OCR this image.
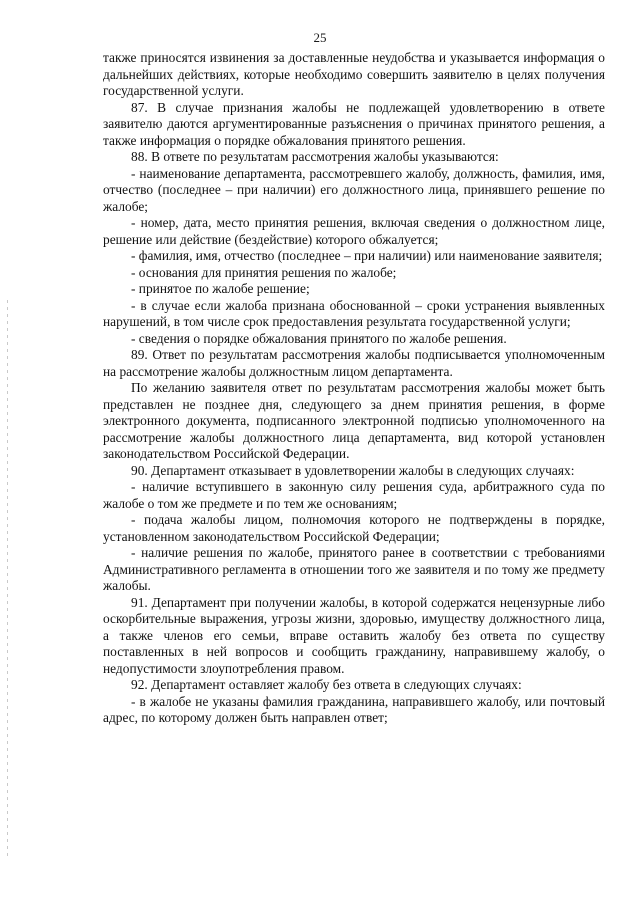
25

также приносятся извинения за доставленные неудобства и указывается информация о дальнейших действиях, которые необходимо совершить заявителю в целях получения государственной услуги.

87. В случае признания жалобы не подлежащей удовлетворению в ответе заявителю даются аргументированные разъяснения о причинах принятого решения, а также информация о порядке обжалования принятого решения.

88. В ответе по результатам рассмотрения жалобы указываются:

- наименование департамента, рассмотревшего жалобу, должность, фамилия, имя, отчество (последнее – при наличии) его должностного лица, принявшего решение по жалобе;

- номер, дата, место принятия решения, включая сведения о должностном лице, решение или действие (бездействие) которого обжалуется;

- фамилия, имя, отчество (последнее – при наличии) или наименование заявителя;

- основания для принятия решения по жалобе;

- принятое по жалобе решение;

- в случае если жалоба признана обоснованной – сроки устранения выявленных нарушений, в том числе срок предоставления результата государственной услуги;

- сведения о порядке обжалования принятого по жалобе решения.

89. Ответ по результатам рассмотрения жалобы подписывается уполномоченным на рассмотрение жалобы должностным лицом департамента.

По желанию заявителя ответ по результатам рассмотрения жалобы может быть представлен не позднее дня, следующего за днем принятия решения, в форме электронного документа, подписанного электронной подписью уполномоченного на рассмотрение жалобы должностного лица департамента, вид которой установлен законодательством Российской Федерации.

90. Департамент отказывает в удовлетворении жалобы в следующих случаях:

- наличие вступившего в законную силу решения суда, арбитражного суда по жалобе о том же предмете и по тем же основаниям;

- подача жалобы лицом, полномочия которого не подтверждены в порядке, установленном законодательством Российской Федерации;

- наличие решения по жалобе, принятого ранее в соответствии с требованиями Административного регламента в отношении того же заявителя и по тому же предмету жалобы.

91. Департамент при получении жалобы, в которой содержатся нецензурные либо оскорбительные выражения, угрозы жизни, здоровью, имуществу должностного лица, а также членов его семьи, вправе оставить жалобу без ответа по существу поставленных в ней вопросов и сообщить гражданину, направившему жалобу, о недопустимости злоупотребления правом.

92. Департамент оставляет жалобу без ответа в следующих случаях:

- в жалобе не указаны фамилия гражданина, направившего жалобу, или почтовый адрес, по которому должен быть направлен ответ;
